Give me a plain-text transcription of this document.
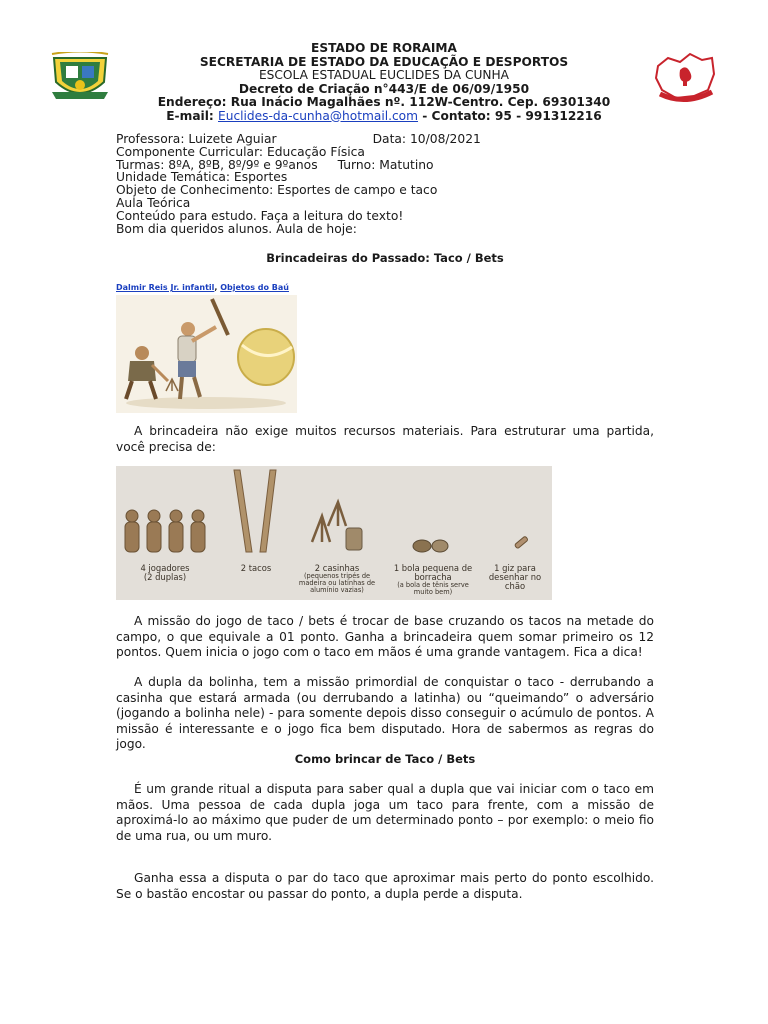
ESTADO DE RORAIMA
SECRETARIA DE ESTADO DA EDUCAÇÃO E DESPORTOS
ESCOLA ESTADUAL EUCLIDES DA CUNHA
Decreto de Criação n°443/E de 06/09/1950
Endereço: Rua Inácio Magalhães nº. 112W-Centro. Cep. 69301340
E-mail: Euclides-da-cunha@hotmail.com - Contato: 95 - 991312216
Professora: Luizete Aguiar	Data: 10/08/2021
Componente Curricular: Educação Física
Turmas: 8ºA, 8ºB, 8º/9º e 9ºanos Turno: Matutino
Unidade Temática: Esportes
Objeto de Conhecimento: Esportes de campo e taco
Aula Teórica
Conteúdo para estudo. Faça a leitura do texto!
Bom dia queridos alunos. Aula de hoje:
Brincadeiras do Passado: Taco / Bets
Dalmir Reis Jr. infantil, Objetos do Baú

A brincadeira não exige muitos recursos materiais. Para estruturar uma partida, você precisa de:

4 jogadores
(2 duplas)
2 tacos	2 casinhas
(pequenos tripés de madeira ou latinhas de alumínio vazias)
1 bola pequena de borracha
(a bola de tênis serve muito bem)
1 giz para desenhar no chão

A missão do jogo de taco / bets é trocar de base cruzando os tacos na metade do campo, o que equivale a 01 ponto. Ganha a brincadeira quem somar primeiro os 12 pontos. Quem inicia o jogo com o taco em mãos é uma grande vantagem. Fica a dica!

A dupla da bolinha, tem a missão primordial de conquistar o taco - derrubando a casinha que estará armada (ou derrubando a latinha) ou “queimando” o adversário (jogando a bolinha nele) - para somente depois disso conseguir o acúmulo de pontos. A missão é interessante e o jogo fica bem disputado. Hora de sabermos as regras do jogo.

Como brincar de Taco / Bets

É um grande ritual a disputa para saber qual a dupla que vai iniciar com o taco em mãos. Uma pessoa de cada dupla joga um taco para frente, com a missão de aproximá-lo ao máximo que puder de um determinado ponto – por exemplo: o meio fio de uma rua, ou um muro.

Ganha essa a disputa o par do taco que aproximar mais perto do ponto escolhido. Se o bastão encostar ou passar do ponto, a dupla perde a disputa.
